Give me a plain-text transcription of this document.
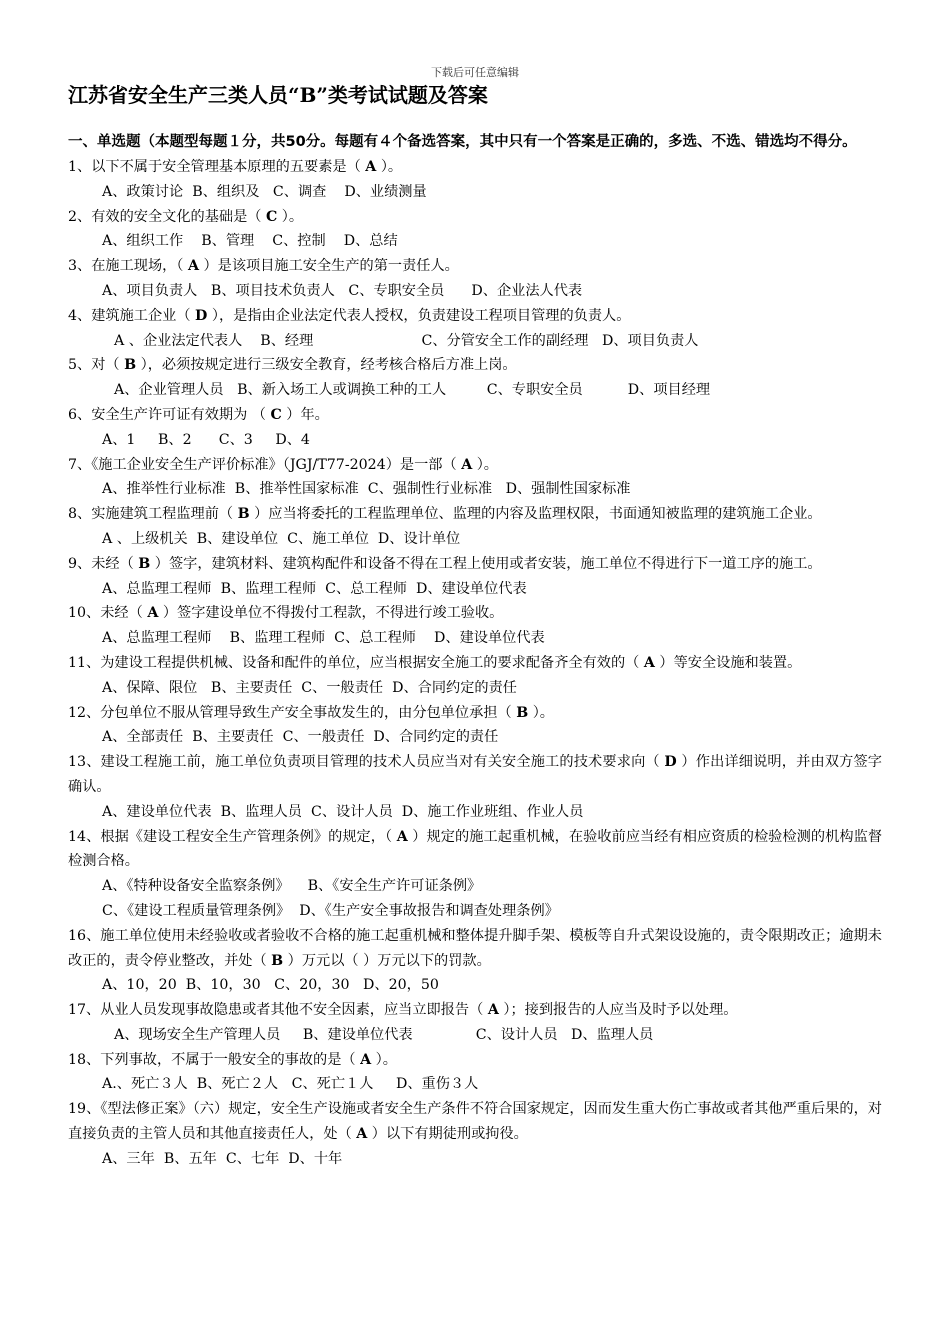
下载后可任意编辑
江苏省安全生产三类人员“B”类考试试题及答案

一、单选题（本题型每题１分，共50分。每题有４个备选答案，其中只有一个答案是正确的，多选、不选、错选均不得分。

1、以下不属于安全管理基本原理的五要素是（ A ）。

A、政策讨论  B、组织及   C、调查    D、业绩测量

2、有效的安全文化的基础是（ C ）。

A、组织工作    B、管理    C、控制    D、总结

3、在施工现场，（ A ）是该项目施工安全生产的第一责任人。

A、项目负责人   B、项目技术负责人   C、专职安全员      D、企业法人代表

4、建筑施工企业（ D ），是指由企业法定代表人授权，负责建设工程项目管理的负责人。

A 、企业法定代表人    B、经理                        C、分管安全工作的副经理   D、项目负责人

5、对（ B ），必须按规定进行三级安全教育，经考核合格后方准上岗。

A、企业管理人员   B、新入场工人或调换工种的工人         C、专职安全员          D、项目经理

6、安全生产许可证有效期为 （ C ）年。

A、1     B、2      C、3     D、4

7、《施工企业安全生产评价标准》（JGJ/T77-2024）是一部（ A ）。

A、推举性行业标准  B、推举性国家标准  C、强制性行业标准   D、强制性国家标准

8、实施建筑工程监理前（ B ）应当将委托的工程监理单位、监理的内容及监理权限，书面通知被监理的建筑施工企业。

A 、上级机关  B、建设单位  C、施工单位  D、设计单位

9、未经（ B ）签字，建筑材料、建筑构配件和设备不得在工程上使用或者安装，施工单位不得进行下一道工序的施工。

A、总监理工程师  B、监理工程师  C、总工程师  D、建设单位代表

10、未经（ A ）签字建设单位不得拨付工程款，不得进行竣工验收。

A、总监理工程师    B、监理工程师  C、总工程师    D、建设单位代表

11、为建设工程提供机械、设备和配件的单位，应当根据安全施工的要求配备齐全有效的（ A ）等安全设施和装置。

A、保障、限位   B、主要责任  C、一般责任  D、合同约定的责任

12、分包单位不服从管理导致生产安全事故发生的，由分包单位承担（ B ）。

A、全部责任  B、主要责任  C、一般责任  D、合同约定的责任

13、建设工程施工前，施工单位负责项目管理的技术人员应当对有关安全施工的技术要求向（ D ）作出详细说明，并由双方签字确认。

A、建设单位代表  B、监理人员  C、设计人员  D、施工作业班组、作业人员

14、根据《建设工程安全生产管理条例》的规定，（ A ）规定的施工起重机械，在验收前应当经有相应资质的检验检测的机构监督检测合格。

A、《特种设备安全监察条例》    B、《安全生产许可证条例》

C、《建设工程质量管理条例》  D、《生产安全事故报告和调查处理条例》

16、施工单位使用未经验收或者验收不合格的施工起重机械和整体提升脚手架、模板等自升式架设设施的，责令限期改正；逾期未改正的，责令停业整改，并处（ B ）万元以（ ）万元以下的罚款。

A、10，20  B、10，30   C、20，30   D、20，50

17、从业人员发现事故隐患或者其他不安全因素，应当立即报告（ A ）；接到报告的人应当及时予以处理。

A、现场安全生产管理人员     B、建设单位代表              C、设计人员   D、监理人员

18、下列事故，不属于一般安全的事故的是（ A ）。

A.、死亡３人  B、死亡２人   C、死亡１人     D、重伤３人

19、《型法修正案》（六）规定，安全生产设施或者安全生产条件不符合国家规定，因而发生重大伤亡事故或者其他严重后果的，对直接负责的主管人员和其他直接责任人，处（ A ）以下有期徒刑或拘役。

A、三年  B、五年  C、七年  D、十年
